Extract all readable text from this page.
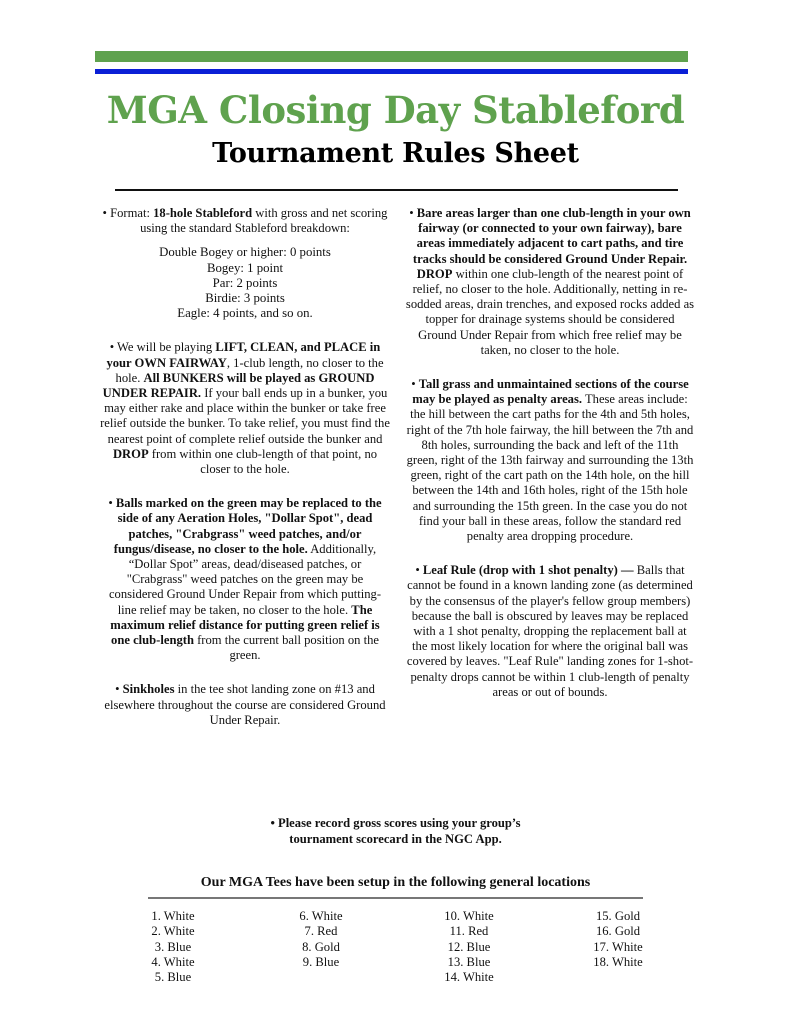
MGA Closing Day Stableford
Tournament Rules Sheet

• Format: 18-hole Stableford with gross and net scoring using the standard Stableford breakdown:

Double Bogey or higher: 0 points
Bogey: 1 point
Par: 2 points
Birdie: 3 points
Eagle: 4 points, and so on.

• We will be playing LIFT, CLEAN, and PLACE in your OWN FAIRWAY, 1-club length, no closer to the hole. All BUNKERS will be played as GROUND UNDER REPAIR. If your ball ends up in a bunker, you may either rake and place within the bunker or take free relief outside the bunker. To take relief, you must find the nearest point of complete relief outside the bunker and DROP from within one club-length of that point, no closer to the hole.

• Balls marked on the green may be replaced to the side of any Aeration Holes, "Dollar Spot", dead patches, "Crabgrass" weed patches, and/or fungus/disease, no closer to the hole. Additionally, “Dollar Spot” areas, dead/diseased patches, or "Crabgrass" weed patches on the green may be considered Ground Under Repair from which putting-line relief may be taken, no closer to the hole. The maximum relief distance for putting green relief is one club-length from the current ball position on the green.

• Sinkholes in the tee shot landing zone on #13 and elsewhere throughout the course are considered Ground Under Repair.

• Bare areas larger than one club-length in your own fairway (or connected to your own fairway), bare areas immediately adjacent to cart paths, and tire tracks should be considered Ground Under Repair. DROP within one club-length of the nearest point of relief, no closer to the hole. Additionally, netting in re-sodded areas, drain trenches, and exposed rocks added as topper for drainage systems should be considered Ground Under Repair from which free relief may be taken, no closer to the hole.

• Tall grass and unmaintained sections of the course may be played as penalty areas. These areas include: the hill between the cart paths for the 4th and 5th holes, right of the 7th hole fairway, the hill between the 7th and 8th holes, surrounding the back and left of the 11th green, right of the 13th fairway and surrounding the 13th green, right of the cart path on the 14th hole, on the hill between the 14th and 16th holes, right of the 15th hole and surrounding the 15th green. In the case you do not find your ball in these areas, follow the standard red penalty area dropping procedure.

• Leaf Rule (drop with 1 shot penalty) — Balls that cannot be found in a known landing zone (as determined by the consensus of the player's fellow group members) because the ball is obscured by leaves may be replaced with a 1 shot penalty, dropping the replacement ball at the most likely location for where the original ball was covered by leaves. "Leaf Rule" landing zones for 1-shot-penalty drops cannot be within 1 club-length of penalty areas or out of bounds.

• Please record gross scores using your group’s
tournament scorecard in the NGC App.
Our MGA Tees have been setup in the following general locations
1. White
2. White
3. Blue
4. White
5. Blue
6. White
7. Red
8. Gold
9. Blue
10. White
11. Red
12. Blue
13. Blue
14. White
15. Gold
16. Gold
17. White
18. White
